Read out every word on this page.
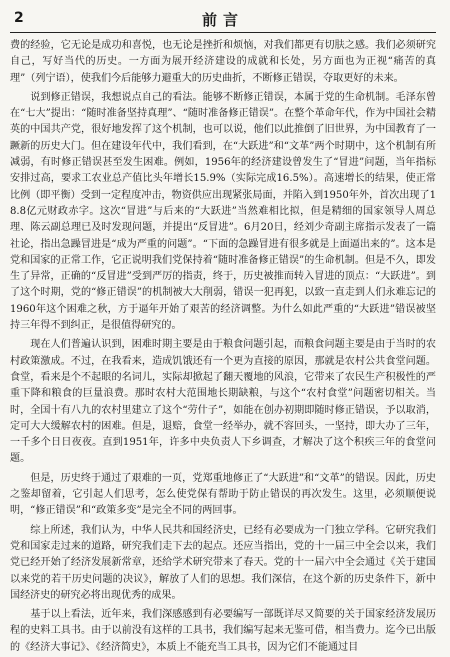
2	前言

费的经验，它无论是成功和喜悦，也无论是挫折和烦恼，对我们都更有切肤之感。我们必须研究自己，写好当代的历史。一方面为展开经济建设的成就和长处，另方面也为正视“痛苦的真理”（列宁语），使我们今后能够力避重大的历史曲折，不断修正错误，夺取更好的未来。

说到修正错误，我想说点自己的看法。能够不断修正错误，本属于党的生命机制。毛泽东曾在“七大”提出：“随时准备坚持真理”、“随时准备修正错误”。在整个革命年代，作为中国社会精英的中国共产党，很好地发挥了这个机制，也可以说，他们以此推倒了旧世界，为中国教育了一蹶新的历史大门。但在建设年代中，我们看到，在“大跃进”和“文革”两个时期中，这个机制有所减弱，有时修正错误甚至发生困难。例如，1956年的经济建设曾发生了“冒进”问题，当年指标安排过高，要求工农业总产值比头年增长15.9%（实际完成16.5%）。高速增长的结果，使正常比例（即平衡）受到一定程度冲击，物资供应出现紧张局面，并陷入到1950年外，首次出现了18.8亿元财政赤字。这次“冒进”与后来的“大跃进”当然难相比拟，但是精细的国家领导人周总理、陈云副总理已及时发现问题，并提出“反冒进”。6月20日，经刘少奇副主席指示发表了一篇社论，指出急躁冒进是“成为严重的问题”。“下面的急躁冒进有很多就是上面逼出来的”。这本是党和国家的正常工作，它正说明我们党保持着“随时准备修正错误”的生命机制。但是不久，即发生了异常，正确的“反冒进”受到严厉的指责，终于，历史被推而转入冒进的顶点：“大跃进”。到了这个时期，党的“修正错误”的机制被大大削弱，错误一犯再犯，以致一直走到人们永难忘记的1960年这个困难之秋，方于逼年开始了艰苦的经济调整。为什么如此严重的“大跃进”错误被坚持三年得不到纠正，是很值得研究的。

现在人们普遍认识到，困难时期主要是由于粮食问题引起，而粮食问题主要是由于当时的农村政策激成。不过，在我看来，造成饥饿还有一个更为直接的原因，那就是农村公共食堂问题。食堂，看来是个不起眼的名词儿，实际却掀起了翻天覆地的风浪，它带来了农民生产积极性的严重下降和粮食的巨量浪费。那时农村大范围地长期缺粮，与这个“农村食堂”问题密切相关。当时，全国十有八九的农村里建立了这个“劳什子”，如能在创办初期即随时修正错误，予以取消，定可大大缓解农村的困难。但是，退赔，食堂一经举办，就不容回头，一坚持，即大办了三年，一千多个日日夜夜。直到1951年，许多中央负责人下乡调查，才解决了这个积疾三年的食堂问题。

但是，历史终于通过了艰难的一页，党郑重地修正了“大跃进”和“文革”的错误。因此，历史之鉴却留着，它引起人们思考，怎么使党保有帮助于防止错误的再次发生。这里，必须顺便说明，“修正错误”和“政策多变”是完全不同的两回事。

综上所述，我们认为，中华人民共和国经济史，已经有必要成为一门独立学科。它研究我们党和国家走过来的道路，研究我们走下去的起点。还应当指出，党的十一届三中全会以来，我们党已经开始了经济发展新常章，还给学术研究带来了春天。党的十一届六中全会通过《关于建国以来党的若干历史问题的决议》，解放了人们的思想。我们深信，在这个新的历史条件下，新中国经济史的研究必将出现优秀的成果。

基于以上看法，近年来，我们深感感到有必要编写一部既详尽又简要的关于国家经济发展历程的史料工具书。由于以前没有这样的工具书，我们编写起来无鉴可借，相当费力。迄今已出版的《经济大事记》、《经济简史》，本质上不能充当工具书，因为它们不能通过目
